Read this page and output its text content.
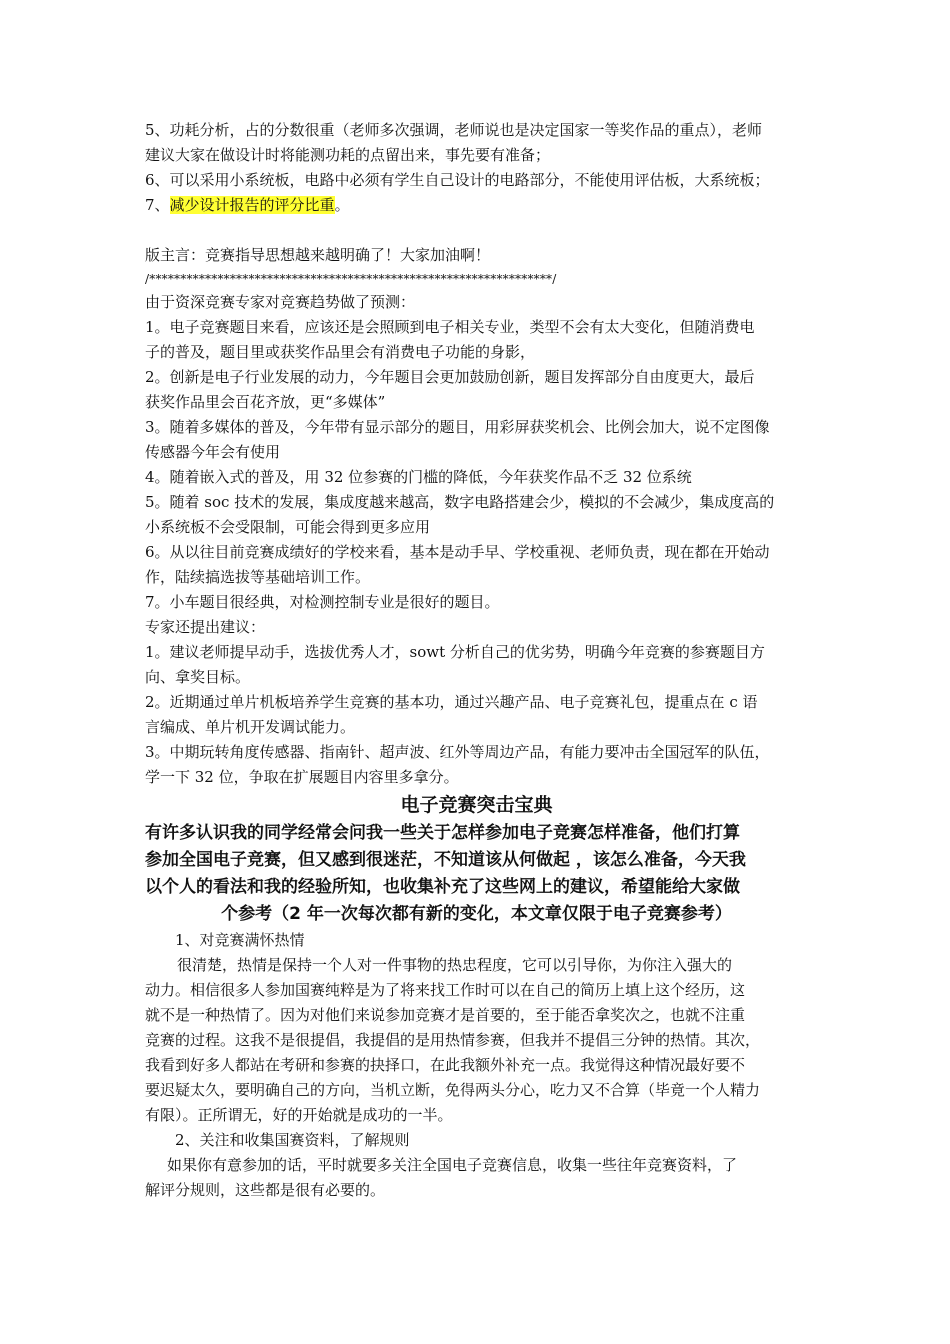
5、功耗分析，占的分数很重（老师多次强调，老师说也是决定国家一等奖作品的重点），老师

建议大家在做设计时将能测功耗的点留出来，事先要有准备；

6、可以采用小系统板，电路中必须有学生自己设计的电路部分，不能使用评估板，大系统板；

7、减少设计报告的评分比重。

版主言：竞赛指导思想越来越明确了！大家加油啊！

/*****************************************************************/

由于资深竞赛专家对竞赛趋势做了预测：

1。电子竞赛题目来看，应该还是会照顾到电子相关专业，类型不会有太大变化，但随消费电

子的普及，题目里或获奖作品里会有消费电子功能的身影，

2。创新是电子行业发展的动力，今年题目会更加鼓励创新，题目发挥部分自由度更大，最后

获奖作品里会百花齐放，更“多媒体”

3。随着多媒体的普及，今年带有显示部分的题目，用彩屏获奖机会、比例会加大，说不定图像

传感器今年会有使用

4。随着嵌入式的普及，用 32 位参赛的门槛的降低，今年获奖作品不乏 32 位系统

5。随着 soc 技术的发展，集成度越来越高，数字电路搭建会少，模拟的不会减少，集成度高的

小系统板不会受限制，可能会得到更多应用

6。从以往目前竞赛成绩好的学校来看，基本是动手早、学校重视、老师负责，现在都在开始动

作，陆续搞选拔等基础培训工作。

7。小车题目很经典，对检测控制专业是很好的题目。

专家还提出建议：

1。建议老师提早动手，选拔优秀人才，sowt 分析自己的优劣势，明确今年竞赛的参赛题目方

向、拿奖目标。

2。近期通过单片机板培养学生竞赛的基本功，通过兴趣产品、电子竞赛礼包，提重点在 c 语

言编成、单片机开发调试能力。

3。中期玩转角度传感器、指南针、超声波、红外等周边产品，有能力要冲击全国冠军的队伍，

学一下 32 位，争取在扩展题目内容里多拿分。

电子竞赛突击宝典

有许多认识我的同学经常会问我一些关于怎样参加电子竞赛怎样准备，他们打算

参加全国电子竞赛，但又感到很迷茫，不知道该从何做起 ，该怎么准备，今天我

以个人的看法和我的经验所知，也收集补充了这些网上的建议，希望能给大家做

个参考（2 年一次每次都有新的变化，本文章仅限于电子竞赛参考）

1、对竞赛满怀热情

很清楚，热情是保持一个人对一件事物的热忠程度，它可以引导你，为你注入强大的

动力。相信很多人参加国赛纯粹是为了将来找工作时可以在自己的简历上填上这个经历，这

就不是一种热情了。因为对他们来说参加竞赛才是首要的，至于能否拿奖次之，也就不注重

竞赛的过程。这我不是很提倡，我提倡的是用热情参赛，但我并不提倡三分钟的热情。其次，

我看到好多人都站在考研和参赛的抉择口，在此我额外补充一点。我觉得这种情况最好要不

要迟疑太久，要明确自己的方向，当机立断，免得两头分心，吃力又不合算（毕竟一个人精力

有限）。正所谓无，好的开始就是成功的一半。

2、关注和收集国赛资料，了解规则

如果你有意参加的话，平时就要多关注全国电子竞赛信息，收集一些往年竞赛资料，了

解评分规则，这些都是很有必要的。
